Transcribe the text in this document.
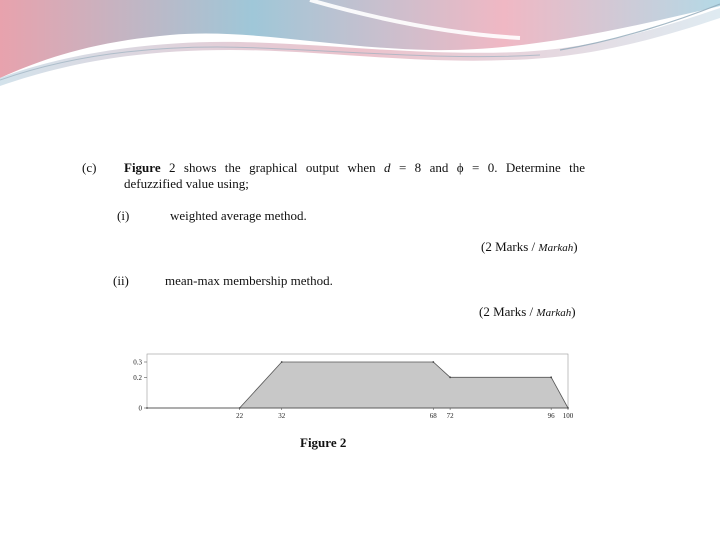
(c) Figure 2 shows the graphical output when d = 8 and ϕ = 0. Determine the
defuzzified value using;
(i)	weighted average method.
(2 Marks / Markah)
(ii)	mean-max membership method.
(2 Marks / Markah)
0.3
0.2
0
22	32	68 72	96 100
Figure 2
